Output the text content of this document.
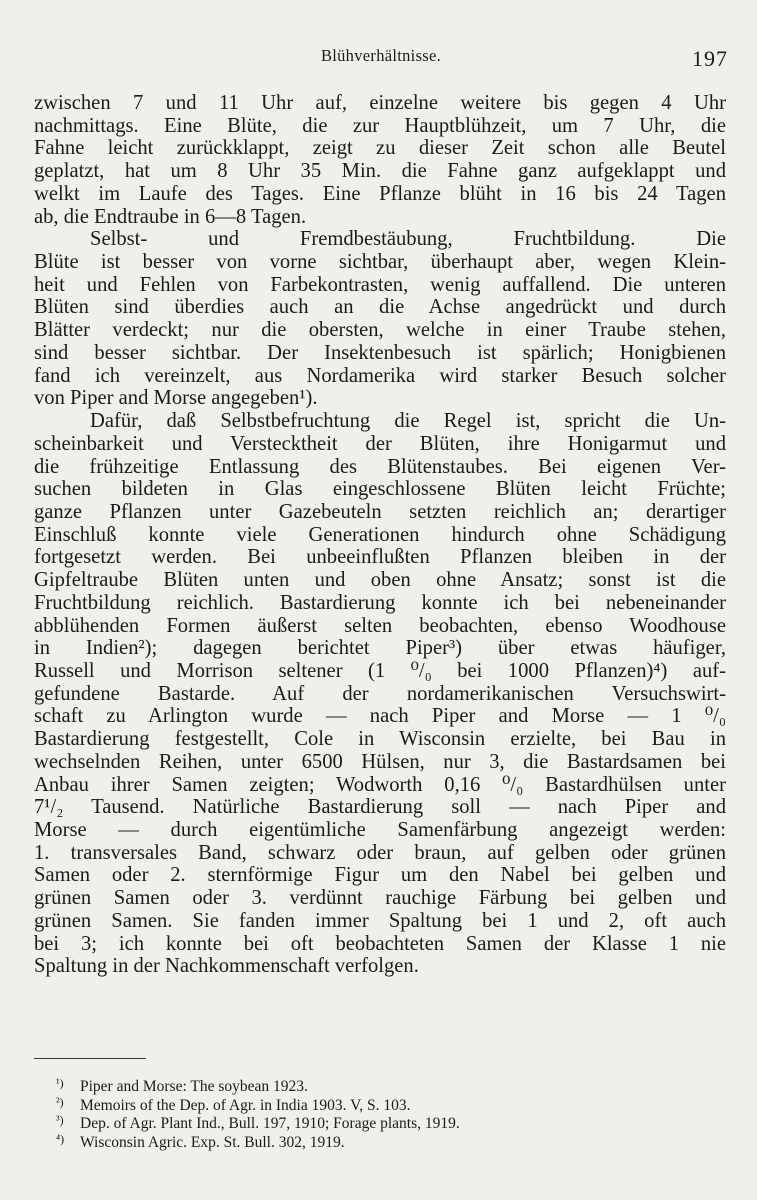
Blühverhältnisse.	197
zwischen 7 und 11 Uhr auf, einzelne weitere bis gegen 4 Uhr
nachmittags. Eine Blüte, die zur Hauptblühzeit, um 7 Uhr, die
Fahne leicht zurückklappt, zeigt zu dieser Zeit schon alle Beutel
geplatzt, hat um 8 Uhr 35 Min. die Fahne ganz aufgeklappt und
welkt im Laufe des Tages. Eine Pflanze blüht in 16 bis 24 Tagen
ab, die Endtraube in 6—8 Tagen.
Selbst- und Fremdbestäubung, Fruchtbildung. Die
Blüte ist besser von vorne sichtbar, überhaupt aber, wegen Klein-
heit und Fehlen von Farbekontrasten, wenig auffallend. Die unteren
Blüten sind überdies auch an die Achse angedrückt und durch
Blätter verdeckt; nur die obersten, welche in einer Traube stehen,
sind besser sichtbar. Der Insektenbesuch ist spärlich; Honigbienen
fand ich vereinzelt, aus Nordamerika wird starker Besuch solcher
von Piper and Morse angegeben¹).
Dafür, daß Selbstbefruchtung die Regel ist, spricht die Un-
scheinbarkeit und Verstecktheit der Blüten, ihre Honigarmut und
die frühzeitige Entlassung des Blütenstaubes. Bei eigenen Ver-
suchen bildeten in Glas eingeschlossene Blüten leicht Früchte;
ganze Pflanzen unter Gazebeuteln setzten reichlich an; derartiger
Einschluß konnte viele Generationen hindurch ohne Schädigung
fortgesetzt werden. Bei unbeeinflußten Pflanzen bleiben in der
Gipfeltraube Blüten unten und oben ohne Ansatz; sonst ist die
Fruchtbildung reichlich. Bastardierung konnte ich bei nebeneinander
abblühenden Formen äußerst selten beobachten, ebenso Woodhouse
in Indien²); dagegen berichtet Piper³) über etwas häufiger,
Russell und Morrison seltener (1 ⁰/₀ bei 1000 Pflanzen)⁴) auf-
gefundene Bastarde. Auf der nordamerikanischen Versuchswirt-
schaft zu Arlington wurde — nach Piper and Morse — 1 ⁰/₀
Bastardierung festgestellt, Cole in Wisconsin erzielte, bei Bau in
wechselnden Reihen, unter 6500 Hülsen, nur 3, die Bastardsamen bei
Anbau ihrer Samen zeigten; Wodworth 0,16 ⁰/₀ Bastardhülsen unter
7¹/₂ Tausend. Natürliche Bastardierung soll — nach Piper and
Morse — durch eigentümliche Samenfärbung angezeigt werden:
1. transversales Band, schwarz oder braun, auf gelben oder grünen
Samen oder 2. sternförmige Figur um den Nabel bei gelben und
grünen Samen oder 3. verdünnt rauchige Färbung bei gelben und
grünen Samen. Sie fanden immer Spaltung bei 1 und 2, oft auch
bei 3; ich konnte bei oft beobachteten Samen der Klasse 1 nie
Spaltung in der Nachkommenschaft verfolgen.
¹) Piper and Morse: The soybean 1923.
²) Memoirs of the Dep. of Agr. in India 1903. V, S. 103.
³) Dep. of Agr. Plant Ind., Bull. 197, 1910; Forage plants, 1919.
⁴) Wisconsin Agric. Exp. St. Bull. 302, 1919.
